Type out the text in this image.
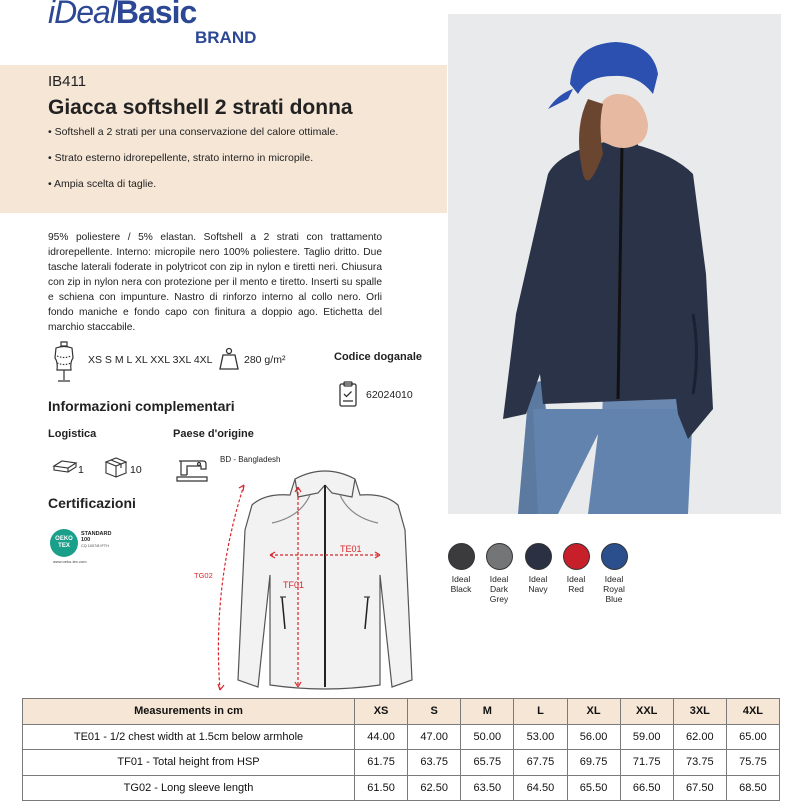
iDealBasic
BRAND
IB411
Giacca softshell 2 strati donna
• Softshell a 2 strati per una conservazione del calore ottimale.
• Strato esterno idrorepellente, strato interno in micropile.
• Ampia scelta di taglie.
95% poliestere / 5% elastan. Softshell a 2 strati con trattamento idrorepellente. Interno: micropile nero 100% poliestere. Taglio dritto. Due tasche laterali foderate in polytricot con zip in nylon e tiretti neri. Chiusura con zip in nylon nera con protezione per il mento e tiretto. Inserti su spalle e schiena con impunture. Nastro di rinforzo interno al collo nero. Orli fondo maniche e fondo capo con finitura a doppio ago. Etichetta del marchio staccabile.
XS S M L XL XXL 3XL 4XL	280 g/m²	Codice doganale
62024010
Informazioni complementari
Logistica	Paese d'origine
1	10
BD - Bangladesh
Certificazioni
OEKO TEX
STANDARD 100
CQ 1007/8 IFTH
www.oeko-tex.com
TE01
TF01
TG02	Ideal
Black
Ideal
Dark
Grey
Ideal
Navy
Ideal
Red
Ideal
Royal
Blue
Measurements in cm	XS	S	M	L	XL	XXL	3XL	4XL
TE01 - 1/2 chest width at 1.5cm below armhole	44.00	47.00	50.00	53.00	56.00	59.00	62.00	65.00
TF01 - Total height from HSP	61.75	63.75	65.75	67.75	69.75	71.75	73.75	75.75
TG02 - Long sleeve length	61.50	62.50	63.50	64.50	65.50	66.50	67.50	68.50
